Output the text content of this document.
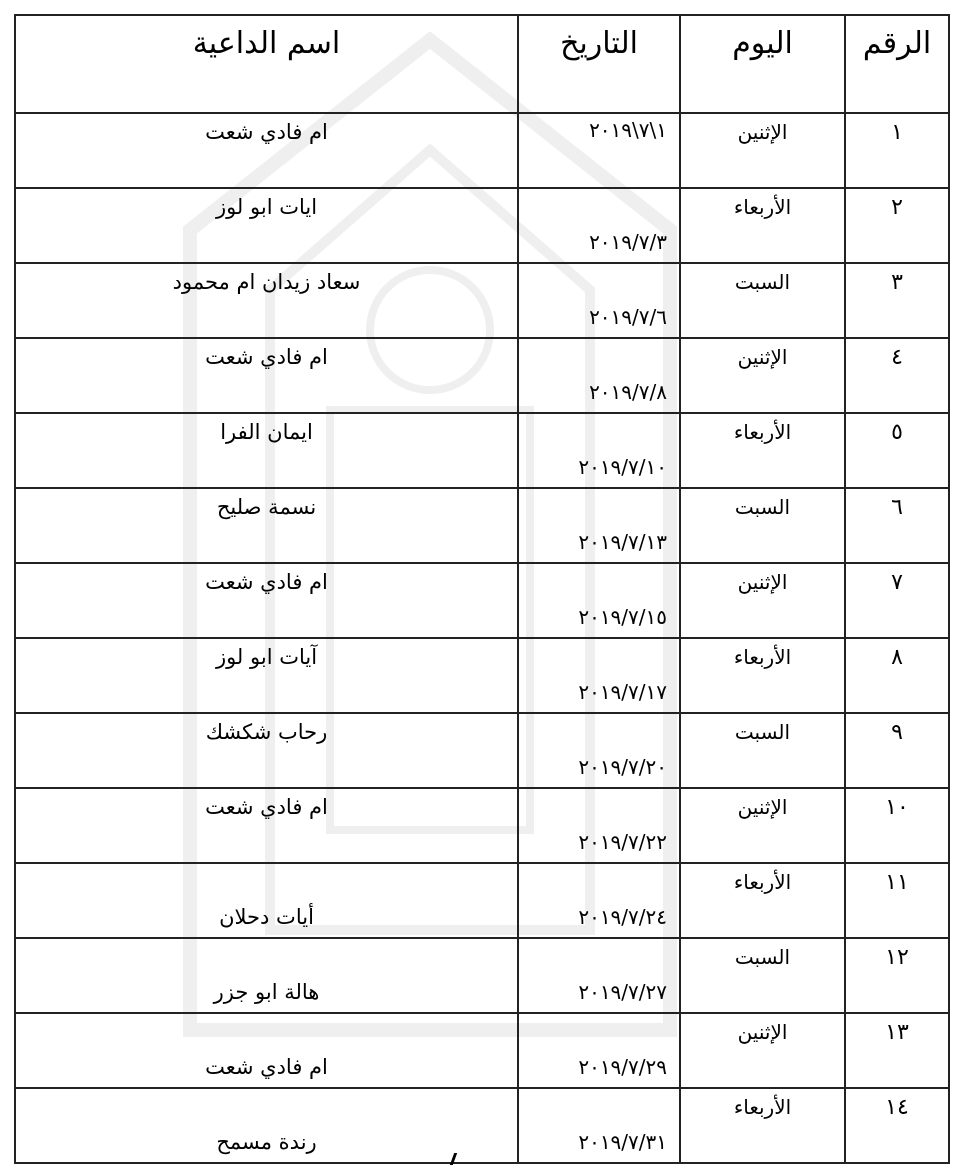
الرقم	اليوم	التاريخ	اسم الداعية
١	الإثنين	٢٠١٩\٧\١	ام فادي شعت

٢	الأربعاء	٢٠١٩/٧/٣	ايات ابو لوز

٣	السبت	٢٠١٩/٧/٦	سعاد زيدان ام محمود

٤	الإثنين	٢٠١٩/٧/٨	ام فادي شعت

٥	الأربعاء	٢٠١٩/٧/١٠	ايمان الفرا

٦	السبت	٢٠١٩/٧/١٣	نسمة صليح

٧	الإثنين	٢٠١٩/٧/١٥	ام فادي شعت

٨	الأربعاء	٢٠١٩/٧/١٧	آيات ابو لوز

٩	السبت	٢٠١٩/٧/٢٠	رحاب شكشك

١٠	الإثنين	٢٠١٩/٧/٢٢	ام فادي شعت

١١	الأربعاء	٢٠١٩/٧/٢٤	أيات دحلان

١٢	السبت	٢٠١٩/٧/٢٧	هالة ابو جزر

١٣	الإثنين	٢٠١٩/٧/٢٩	ام فادي شعت

١٤	الأربعاء	٢٠١٩/٧/٣١	رندة مسمح
